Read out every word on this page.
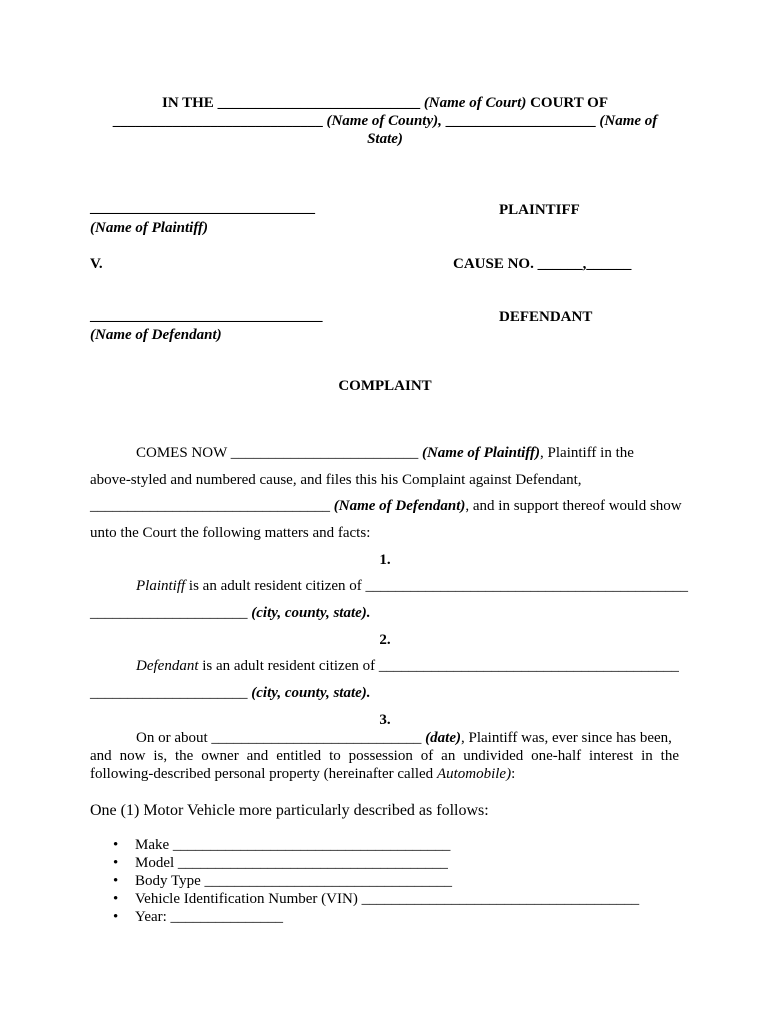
IN THE ___________________________ (Name of Court) COURT OF
____________________________ (Name of County), ____________________ (Name of
State)
______________________________
(Name of Plaintiff)
PLAINTIFF
V.	CAUSE NO. ______,______
_______________________________
(Name of Defendant)
DEFENDANT
COMPLAINT
COMES NOW _________________________ (Name of Plaintiff), Plaintiff in the
above-styled and numbered cause, and files this his Complaint against Defendant,
________________________________ (Name of Defendant), and in support thereof would show
unto the Court the following matters and facts:
1.
Plaintiff is an adult resident citizen of ___________________________________________
_____________________ (city, county, state).
2.
Defendant is an adult resident citizen of ________________________________________
_____________________ (city, county, state).
3.
On or about ____________________________ (date), Plaintiff was, ever since has been,
and now is, the owner and entitled to possession of an undivided one-half interest in the
following-described personal property (hereinafter called Automobile):
One (1) Motor Vehicle more particularly described as follows:
• Make _____________________________________
• Model ____________________________________
• Body Type _________________________________
• Vehicle Identification Number (VIN) _____________________________________
• Year: _______________
